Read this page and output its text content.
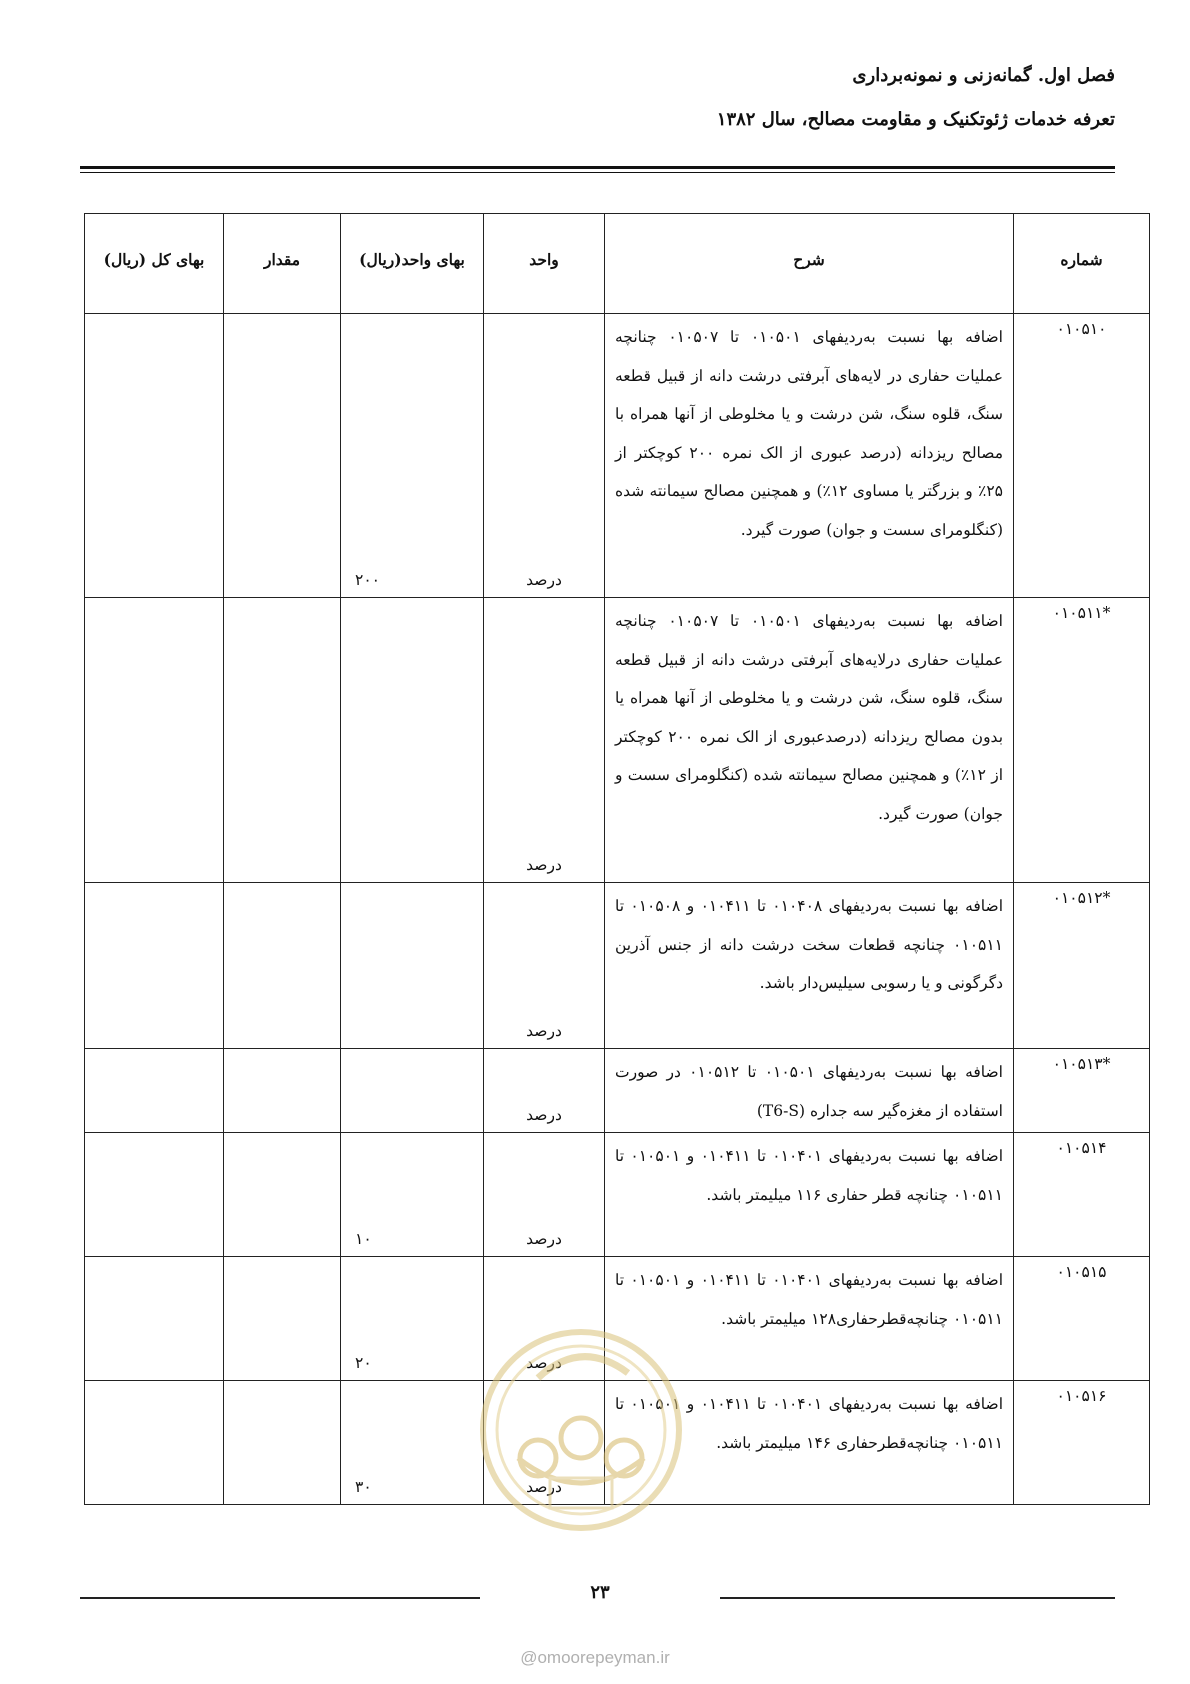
فصل اول. گمانه‌زنی و نمونه‌برداری
تعرفه خدمات ژئوتکنیک و مقاومت مصالح، سال ۱۳۸۲
شماره	شرح	واحد	بهای واحد(ریال)	مقدار	بهای کل (ریال)
۰۱۰۵۱۰	اضافه بها نسبت به‌ردیفهای ۰۱۰۵۰۱ تا ۰۱۰۵۰۷ چنانچه عملیات حفاری در لایه‌های آبرفتی درشت دانه از قبیل قطعه سنگ، قلوه سنگ، شن درشت و یا مخلوطی از آنها همراه با مصالح ریزدانه (درصد عبوری از الک نمره ۲۰۰ کوچکتر از ۲۵٪ و بزرگتر یا مساوی ۱۲٪) و همچنین مصالح سیمانته شده (کنگلومرای سست و جوان) صورت گیرد.	درصد	۲۰۰		
*۰۱۰۵۱۱	اضافه بها نسبت به‌ردیفهای ۰۱۰۵۰۱ تا ۰۱۰۵۰۷ چنانچه عملیات حفاری درلایه‌های آبرفتی درشت دانه از قبیل قطعه سنگ، قلوه سنگ، شن درشت و یا مخلوطی از آنها همراه یا بدون مصالح ریزدانه (درصدعبوری از الک نمره ۲۰۰ کوچکتر از ۱۲٪) و همچنین مصالح سیمانته شده (کنگلومرای سست و جوان) صورت گیرد.	درصد			
*۰۱۰۵۱۲	اضافه بها نسبت به‌ردیفهای ۰۱۰۴۰۸ تا ۰۱۰۴۱۱ و ۰۱۰۵۰۸ تا ۰۱۰۵۱۱ چنانچه قطعات سخت درشت دانه از جنس آذرین دگرگونی و یا رسوبی سیلیس‌دار باشد.	درصد			
*۰۱۰۵۱۳	اضافه بها نسبت به‌ردیفهای ۰۱۰۵۰۱ تا ۰۱۰۵۱۲ در صورت استفاده از مغزه‌گیر سه جداره (T6-S)	درصد			
۰۱۰۵۱۴	اضافه بها نسبت به‌ردیفهای ۰۱۰۴۰۱ تا ۰۱۰۴۱۱ و ۰۱۰۵۰۱ تا ۰۱۰۵۱۱ چنانچه قطر حفاری ۱۱۶ میلیمتر باشد.	درصد	۱۰		
۰۱۰۵۱۵	اضافه بها نسبت به‌ردیفهای ۰۱۰۴۰۱ تا ۰۱۰۴۱۱ و ۰۱۰۵۰۱ تا ۰۱۰۵۱۱ چنانچه‌قطرحفاری۱۲۸ میلیمتر باشد.	درصد	۲۰		
۰۱۰۵۱۶	اضافه بها نسبت به‌ردیفهای ۰۱۰۴۰۱ تا ۰۱۰۴۱۱ و ۰۱۰۵۰۱ تا ۰۱۰۵۱۱ چنانچه‌قطرحفاری ۱۴۶ میلیمتر باشد.	درصد	۳۰		
۲۳
@omoorepeyman.ir
